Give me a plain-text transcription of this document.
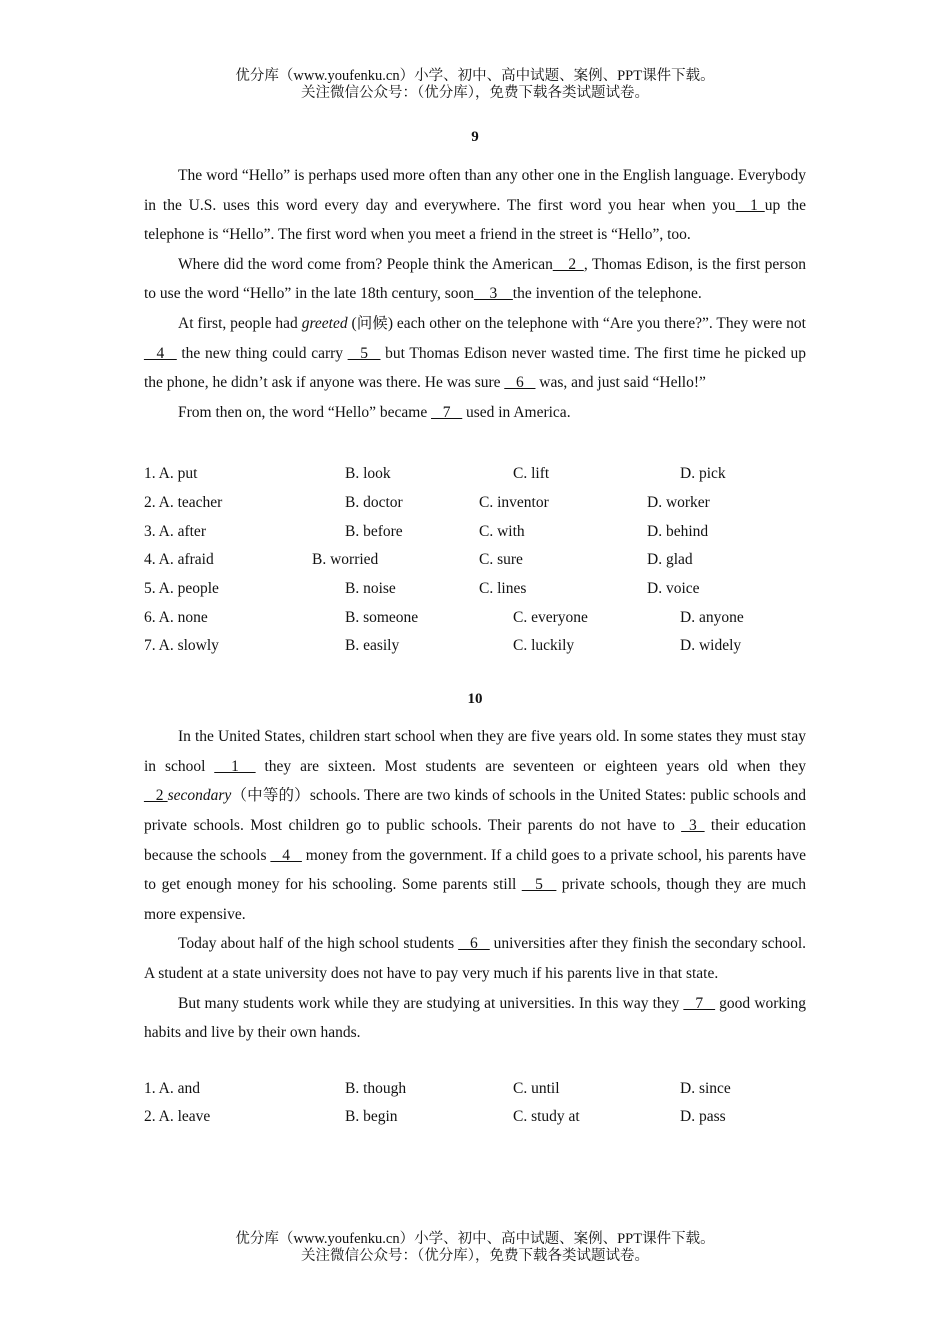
优分库（www.youfenku.cn）小学、初中、高中试题、案例、PPT课件下载。
关注微信公众号：（优分库），免费下载各类试题试卷。
9

The word “Hello” is perhaps used more often than any other one in the English language. Everybody in the U.S. uses this word every day and everywhere. The first word you hear when you_ 1 up the telephone is “Hello”. The first word when you meet a friend in the street is “Hello”, too.

Where did the word come from? People think the American__2_, Thomas Edison, is the first person to use the word “Hello” in the late 18th century, soon__3__the invention of the telephone.

At first, people had greeted (问候) each other on the telephone with “Are you there?”. They were not _ 4 _ the new thing could carry _ 5 _ but Thomas Edison never wasted time. The first time he picked up the phone, he didn’t ask if anyone was there. He was sure _ 6 _ was, and just said “Hello!”

From then on, the word “Hello” became _ 7 _ used in America.

1. A. put	B. look	C. lift	D. pick
2. A. teacher	B. doctor	C. inventor	D. worker
3. A. after	B. before	C. with	D. behind
4. A. afraid	B. worried	C. sure	D. glad
5. A. people	B. noise	C. lines	D. voice
6. A. none	B. someone	C. everyone	D. anyone
7. A. slowly	B. easily	C. luckily	D. widely
10

In the United States, children start school when they are five years old. In some states they must stay in school _ 1 _ they are sixteen. Most students are seventeen or eighteen years old when they _ 2 secondary（中等的）schools. There are two kinds of schools in the United States: public schools and private schools. Most children go to public schools. Their parents do not have to _3_ their education because the schools _ 4 _ money from the government. If a child goes to a private school, his parents have to get enough money for his schooling. Some parents still _ 5 _ private schools, though they are much more expensive.

Today about half of the high school students _ 6 _ universities after they finish the secondary school. A student at a state university does not have to pay very much if his parents live in that state.

But many students work while they are studying at universities. In this way they _ 7 _ good working habits and live by their own hands.

1. A. and	B. though	C. until	D. since
2. A. leave	B. begin	C. study at	D. pass
优分库（www.youfenku.cn）小学、初中、高中试题、案例、PPT课件下载。
关注微信公众号：（优分库），免费下载各类试题试卷。
